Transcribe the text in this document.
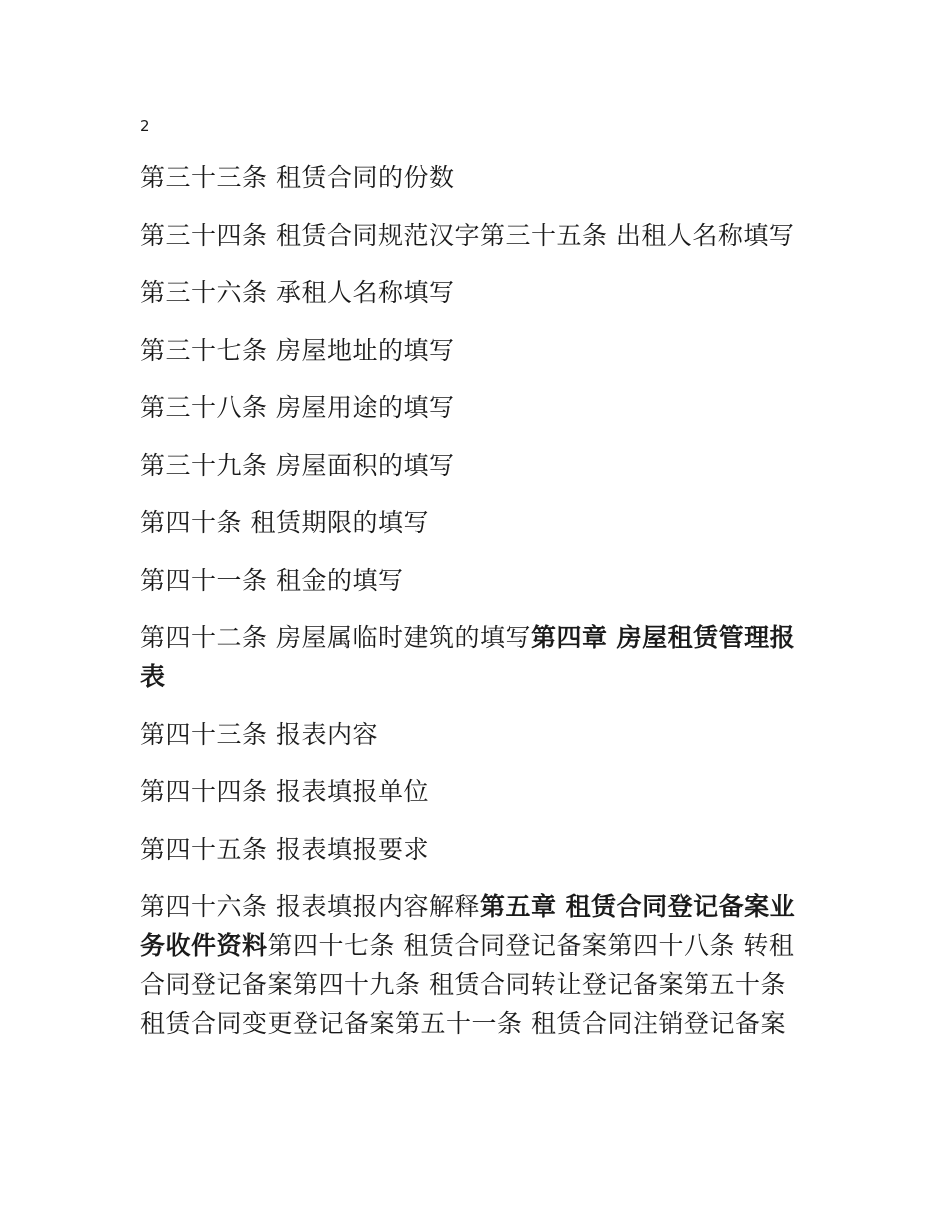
2

第三十三条 租赁合同的份数

第三十四条 租赁合同规范汉字第三十五条 出租人名称填写

第三十六条 承租人名称填写

第三十七条 房屋地址的填写

第三十八条 房屋用途的填写

第三十九条 房屋面积的填写

第四十条 租赁期限的填写

第四十一条 租金的填写

第四十二条 房屋属临时建筑的填写第四章 房屋租赁管理报表

第四十三条 报表内容

第四十四条 报表填报单位

第四十五条 报表填报要求

第四十六条 报表填报内容解释第五章 租赁合同登记备案业务收件资料第四十七条 租赁合同登记备案第四十八条 转租合同登记备案第四十九条 租赁合同转让登记备案第五十条 租赁合同变更登记备案第五十一条 租赁合同注销登记备案
